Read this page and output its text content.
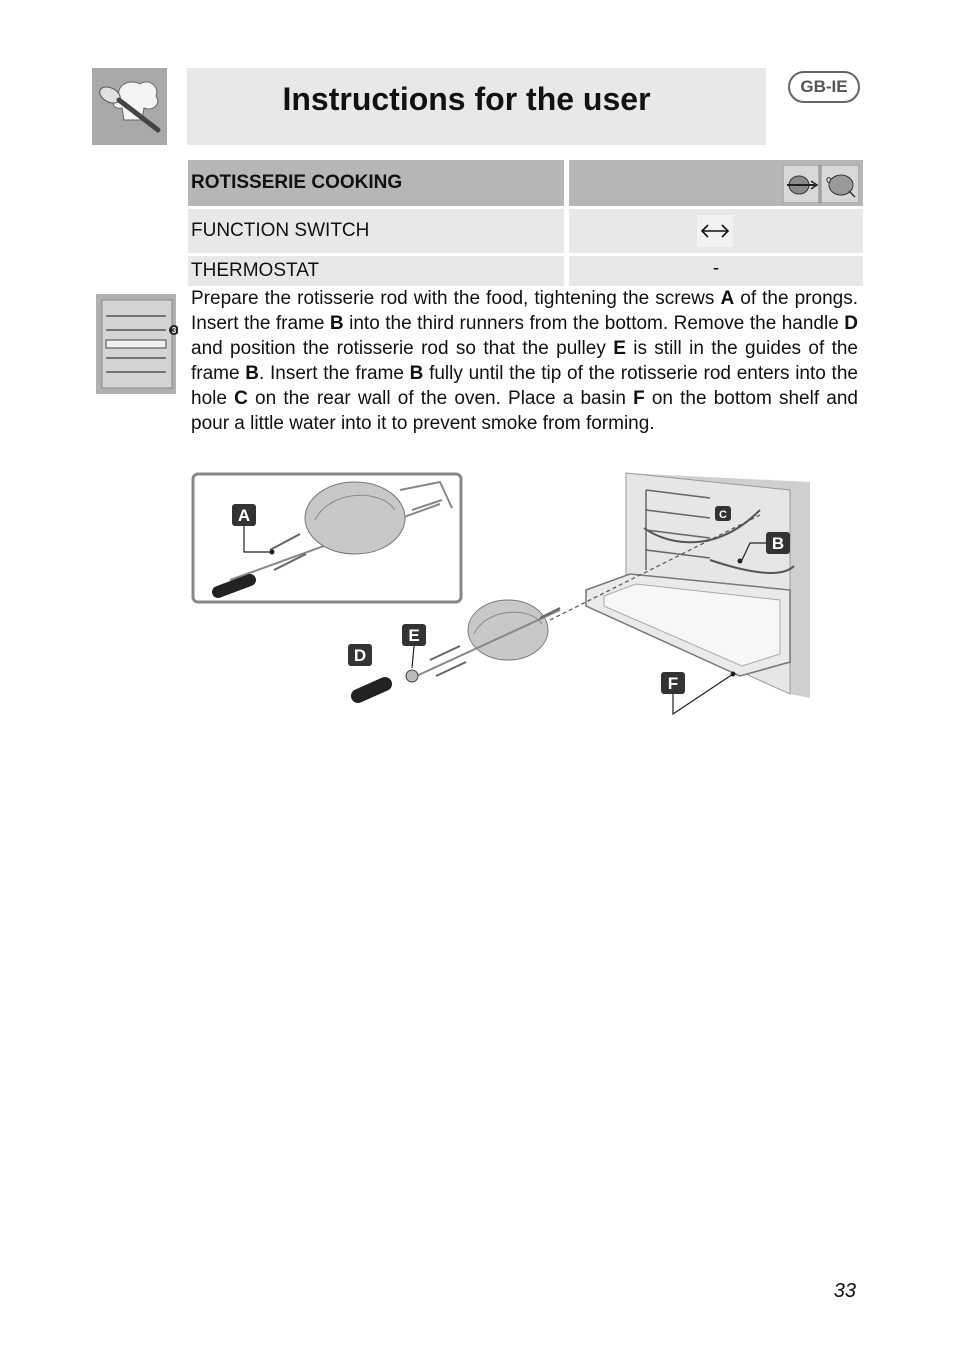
Instructions for the user	GB-IE
ROTISSERIE COOKING
FUNCTION SWITCH
THERMOSTAT	-
3
Prepare the rotisserie rod with the food, tightening the screws A of the prongs. Insert the frame B into the third runners from the bottom. Remove the handle D and position the rotisserie rod so that the pulley E is still in the guides of the frame B. Insert the frame B fully until the tip of the rotisserie rod enters into the hole C on the rear wall of the oven. Place a basin F on the bottom shelf and pour a little water into it to prevent smoke from forming.
A	C
B
F
E
D
33
